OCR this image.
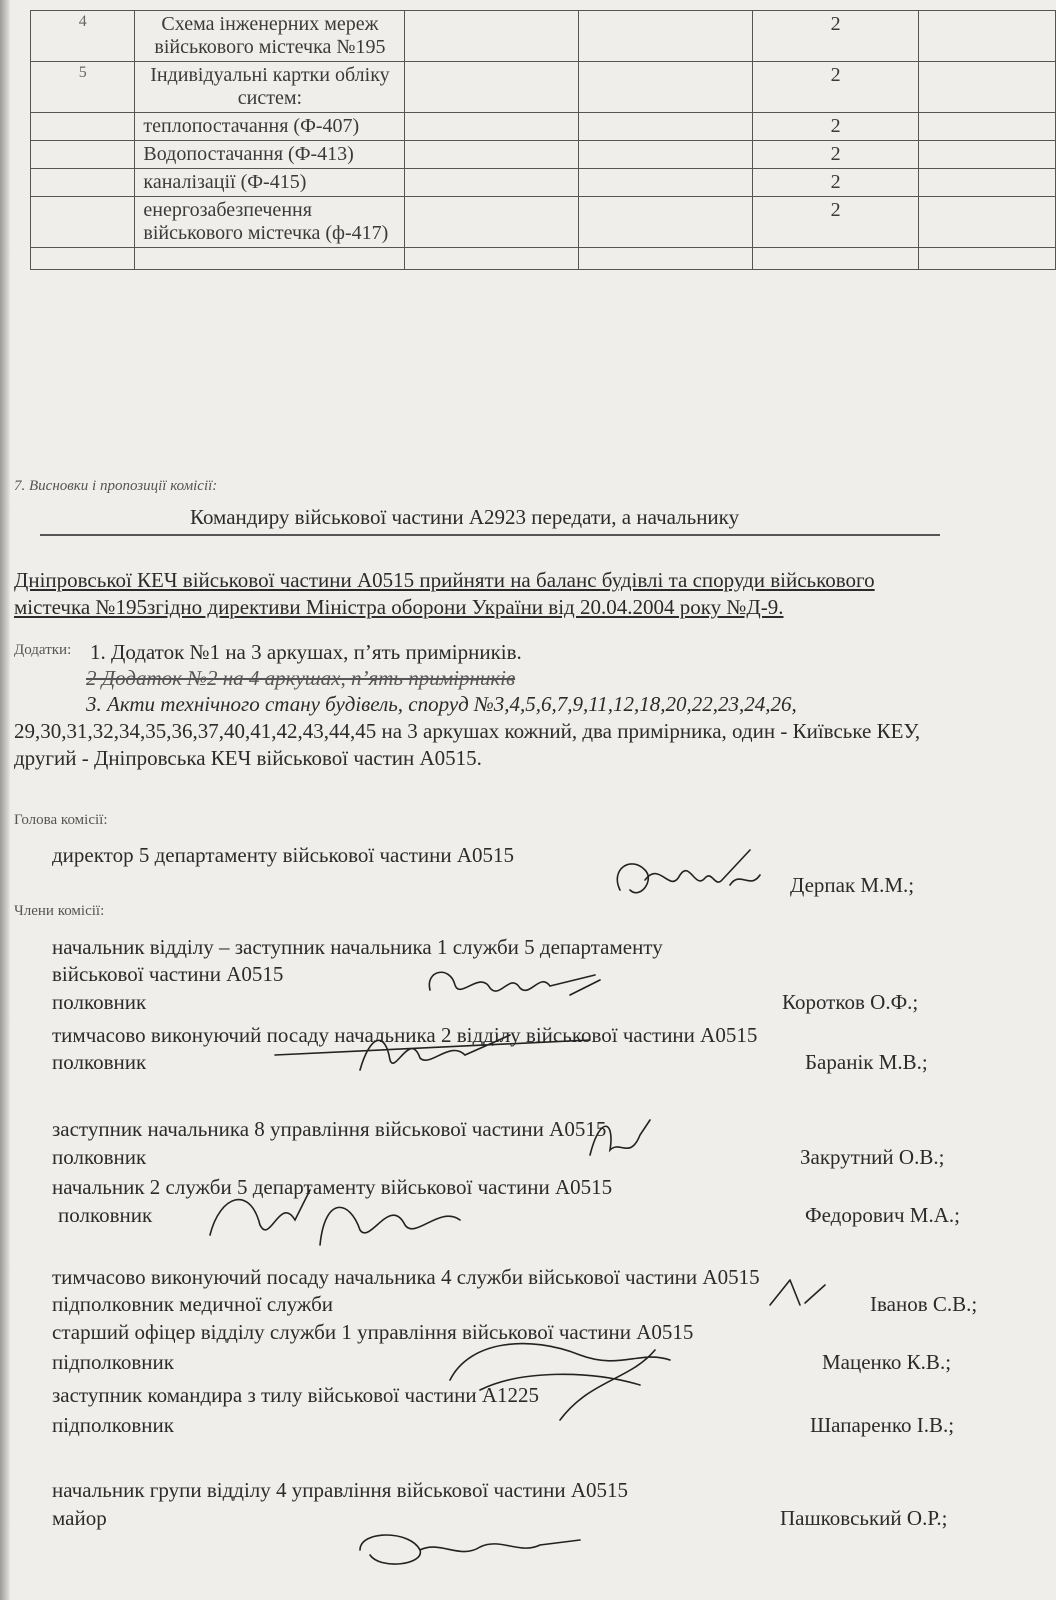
4	Схема інженерних мереж військового містечка №195			2	
5	Індивідуальні картки обліку систем:			2	
	теплопостачання (Ф-407)			2	
	Водопостачання (Ф-413)			2	
	каналізації (Ф-415)			2	
	енергозабезпечення військового містечка (ф-417)			2	

7. Висновки і пропозиції комісії:
Командиру військової частини А2923 передати, а начальнику
Дніпровської КЕЧ військової частини А0515 прийняти на баланс будівлі та споруди військового
містечка №195згідно директиви Міністра оборони України від 20.04.2004 року №Д-9.
Додатки: 1. Додаток №1 на 3 аркушах, п’ять примірників.
2 Додаток №2 на 4 аркушах, п’ять примірників
3. Акти технічного стану будівель, споруд №3,4,5,6,7,9,11,12,18,20,22,23,24,26,
29,30,31,32,34,35,36,37,40,41,42,43,44,45 на 3 аркушах кожний, два примірника, один - Київське КЕУ,
другий - Дніпровська КЕЧ військової частин А0515.
Голова комісії:
директор 5 департаменту військової частини А0515
Дерпак М.М.;
Члени комісії:
начальник відділу – заступник начальника 1 служби 5 департаменту
військової частини А0515
полковник	Коротков О.Ф.;
тимчасово виконуючий посаду начальника 2 відділу військової частини А0515
полковник	Баранік М.В.;
заступник начальника 8 управління військової частини А0515
полковник	Закрутний О.В.;
начальник 2 служби 5 департаменту військової частини А0515
полковник	Федорович М.А.;
тимчасово виконуючий посаду начальника 4 служби військової частини А0515
підполковник медичної служби	Іванов С.В.;
старший офіцер відділу служби 1 управління військової частини А0515
підполковник	Маценко К.В.;
заступник командира з тилу військової частини А1225
підполковник	Шапаренко І.В.;
начальник групи відділу 4 управління військової частини А0515
майор	Пашковський О.Р.;
